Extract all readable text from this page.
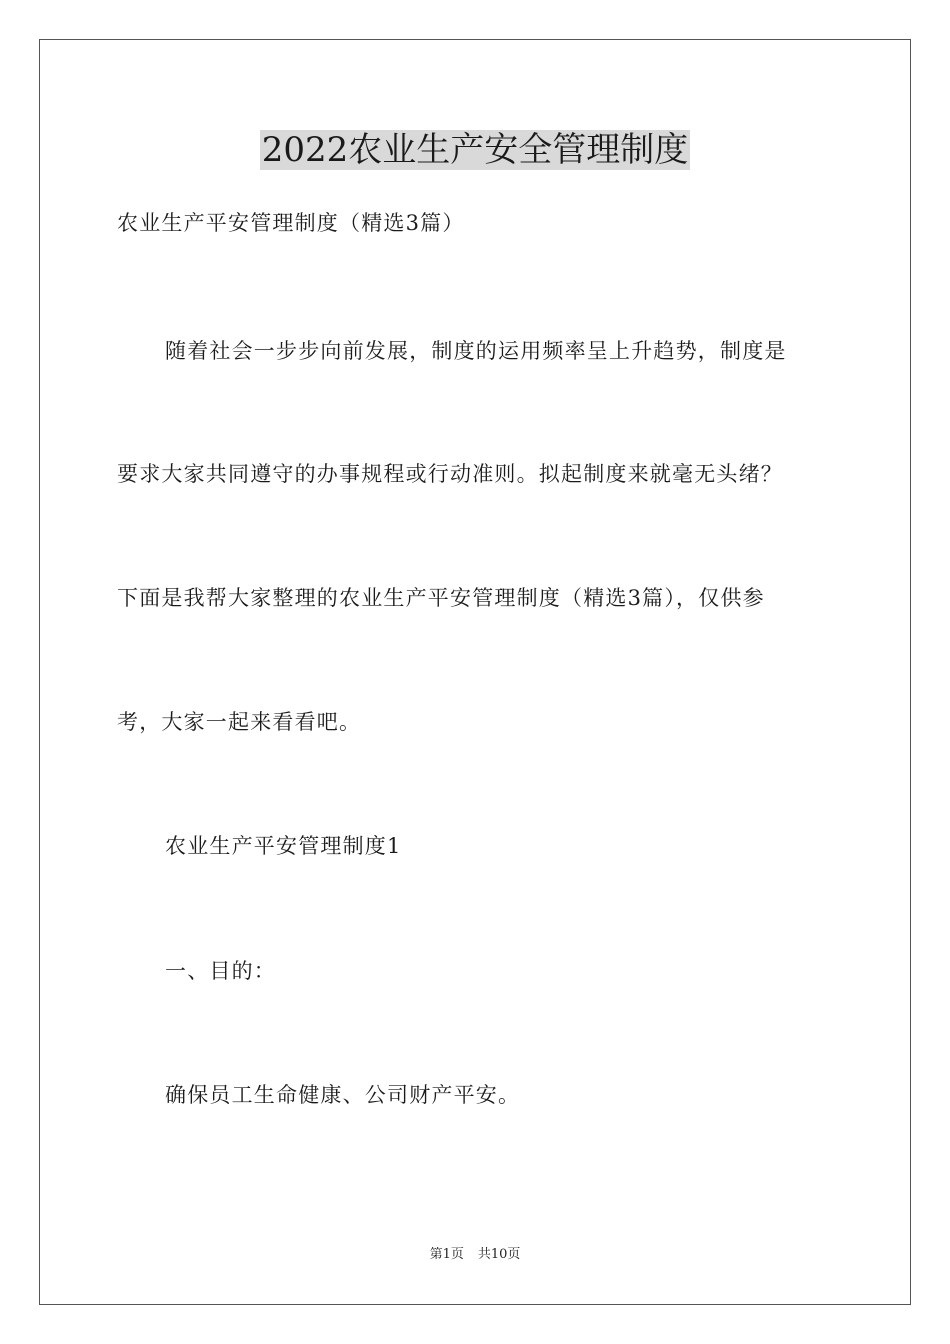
2022农业生产安全管理制度
农业生产平安管理制度（精选3篇）
随着社会一步步向前发展，制度的运用频率呈上升趋势，制度是
要求大家共同遵守的办事规程或行动准则。拟起制度来就毫无头绪？
下面是我帮大家整理的农业生产平安管理制度（精选3篇），仅供参
考，大家一起来看看吧。
农业生产平安管理制度1
一、目的：
确保员工生命健康、公司财产平安。
第1页 共10页
